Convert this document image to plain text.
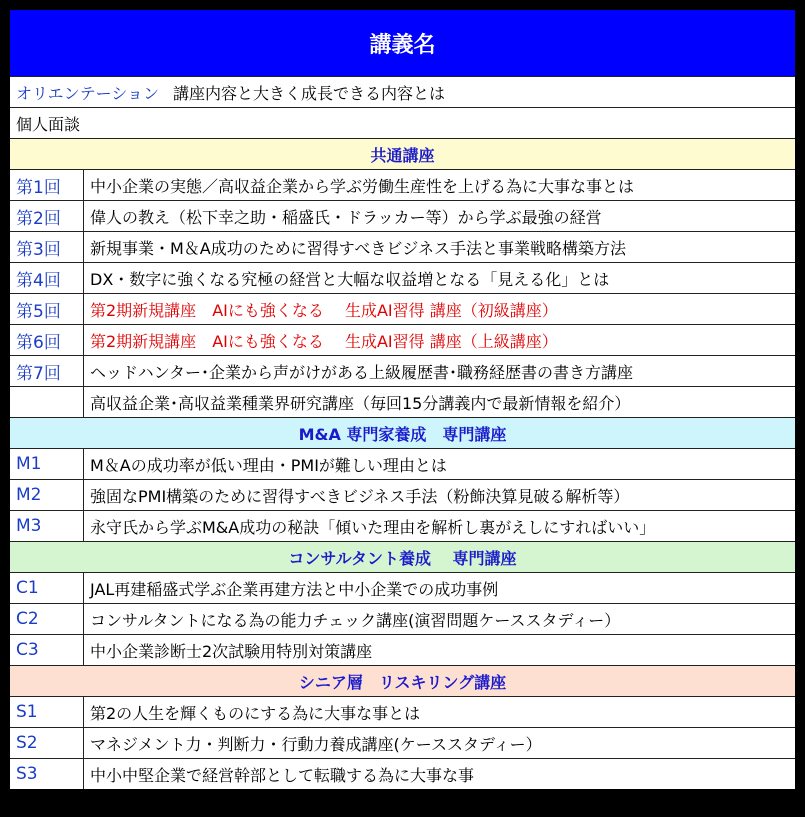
講義名
オリエンテーション 講座内容と大きく成長できる内容とは
個人面談
共通講座
第1回	中小企業の実態／高収益企業から学ぶ労働生産性を上げる為に大事な事とは
第2回	偉人の教え（松下幸之助・稲盛氏・ドラッカー等）から学ぶ最強の経営
第3回	新規事業・M＆A成功のために習得すべきビジネス手法と事業戦略構築方法
第4回	DX・数字に強くなる究極の経営と大幅な収益増となる「見える化」とは
第5回	第2期新規講座 　AIにも強くなる　 生成AI習得 講座（初級講座）
第6回	第2期新規講座 　AIにも強くなる　 生成AI習得 講座（上級講座）
第7回	ヘッドハンター･企業から声がけがある上級履歴書･職務経歴書の書き方講座
高収益企業･高収益業種業界研究講座（毎回15分講義内で最新情報を紹介）
M&A 専門家養成　専門講座
M1	M＆Aの成功率が低い理由・PMIが難しい理由とは
M2	強固なPMI構築のために習得すべきビジネス手法（粉飾決算見破る解析等）
M3	永守氏から学ぶM&A成功の秘訣「傾いた理由を解析し裏がえしにすればいい」
コンサルタント養成　 専門講座
C1	JAL再建稲盛式学ぶ企業再建方法と中小企業での成功事例
C2	コンサルタントになる為の能力チェック講座(演習問題ケーススタディー）
C3	中小企業診断士2次試験用特別対策講座
シニア層　リスキリング講座
S1	第2の人生を輝くものにする為に大事な事とは
S2	マネジメント力・判断力・行動力養成講座(ケーススタディー）
S3	中小中堅企業で経営幹部として転職する為に大事な事
